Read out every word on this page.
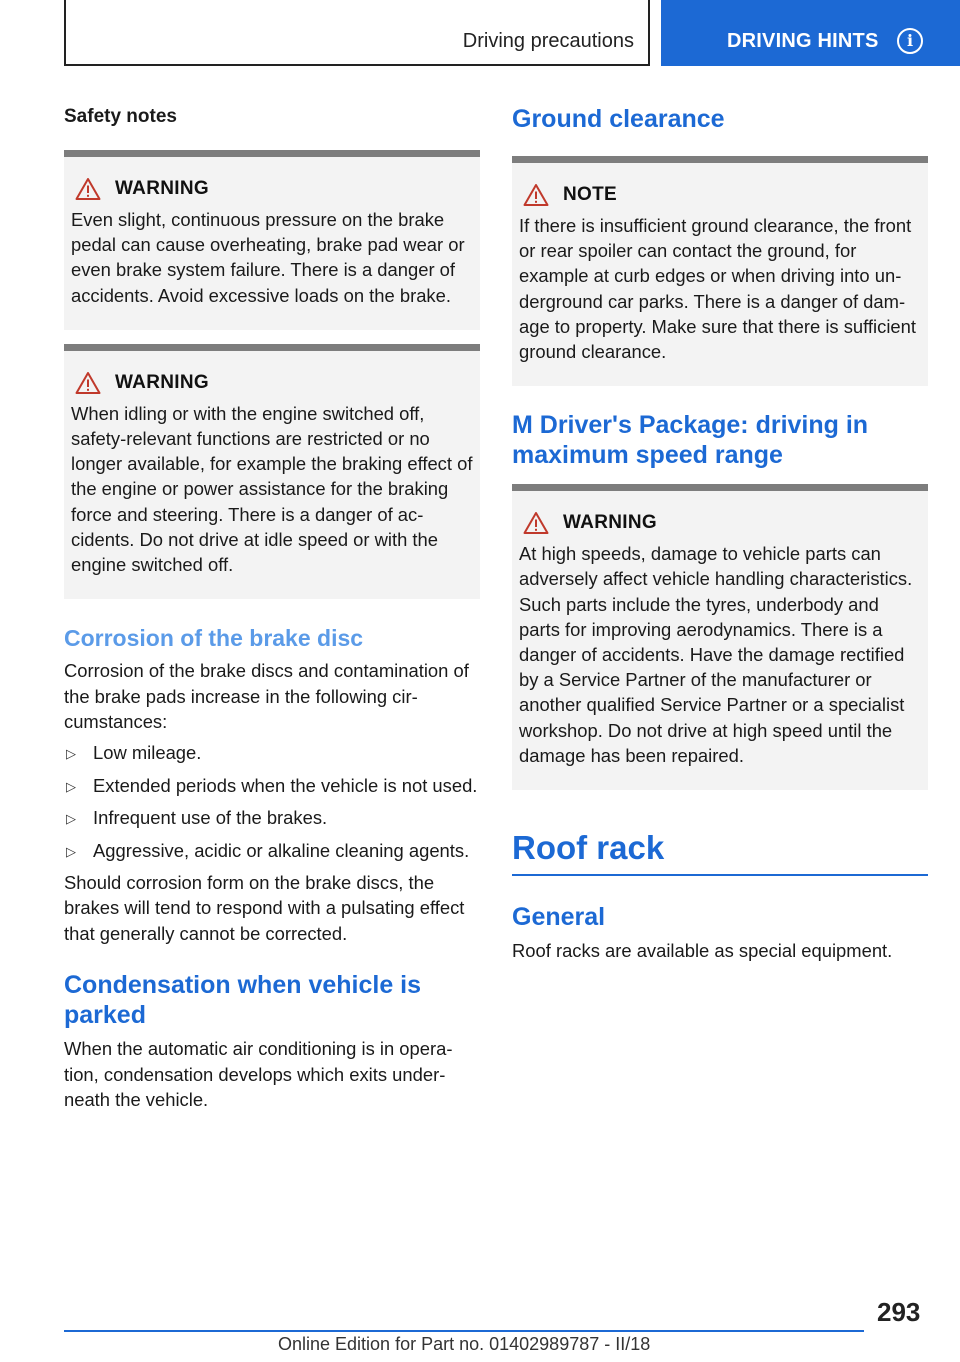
Driving precautions	DRIVING HINTS	i
Safety notes
WARNING

Even slight, continuous pressure on the brake pedal can cause overheating, brake pad wear or even brake system failure. There is a danger of accidents. Avoid excessive loads on the brake.

WARNING

When idling or with the engine switched off, safety-relevant functions are restricted or no longer available, for example the braking effect of the engine or power assistance for the braking force and steering. There is a danger of accidents. Do not drive at idle speed or with the engine switched off.

Corrosion of the brake disc

Corrosion of the brake discs and contamination of the brake pads increase in the following circumstances:

▷ Low mileage.
▷ Extended periods when the vehicle is not used.
▷ Infrequent use of the brakes.
▷ Aggressive, acidic or alkaline cleaning agents.

Should corrosion form on the brake discs, the brakes will tend to respond with a pulsating effect that generally cannot be corrected.

Condensation when vehicle is parked

When the automatic air conditioning is in operation, condensation develops which exits underneath the vehicle.

Ground clearance
NOTE

If there is insufficient ground clearance, the front or rear spoiler can contact the ground, for example at curb edges or when driving into underground car parks. There is a danger of damage to property. Make sure that there is sufficient ground clearance.

M Driver's Package: driving in maximum speed range
WARNING

At high speeds, damage to vehicle parts can adversely affect vehicle handling characteristics. Such parts include the tyres, underbody and parts for improving aerodynamics. There is a danger of accidents. Have the damage rectified by a Service Partner of the manufacturer or another qualified Service Partner or a specialist workshop. Do not drive at high speed until the damage has been repaired.

Roof rack
General

Roof racks are available as special equipment.

293
Online Edition for Part no. 01402989787 - II/18
